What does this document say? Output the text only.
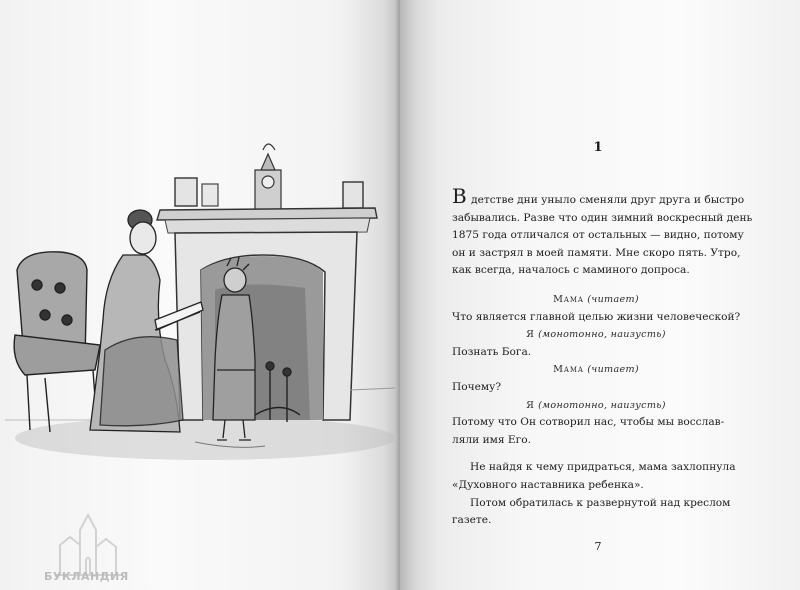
БУКЛАНДИЯ
1
В детстве дни уныло сменяли друг друга и быстро
забывались. Разве что один зимний воскресный день
1875 года отличался от остальных — видно, потому
он и застрял в моей памяти. Мне скоро пять. Утро,
как всегда, началось с маминого допроса.
Мама (читает)
Что является главной целью жизни человеческой?
Я (монотонно, наизусть)
Познать Бога.
Мама (читает)
Почему?
Я (монотонно, наизусть)
Потому что Он сотворил нас, чтобы мы восслав-
ляли имя Его.
Не найдя к чему придраться, мама захлопнула
«Духовного наставника ребенка».
Потом обратилась к развернутой над креслом
газете.
7
